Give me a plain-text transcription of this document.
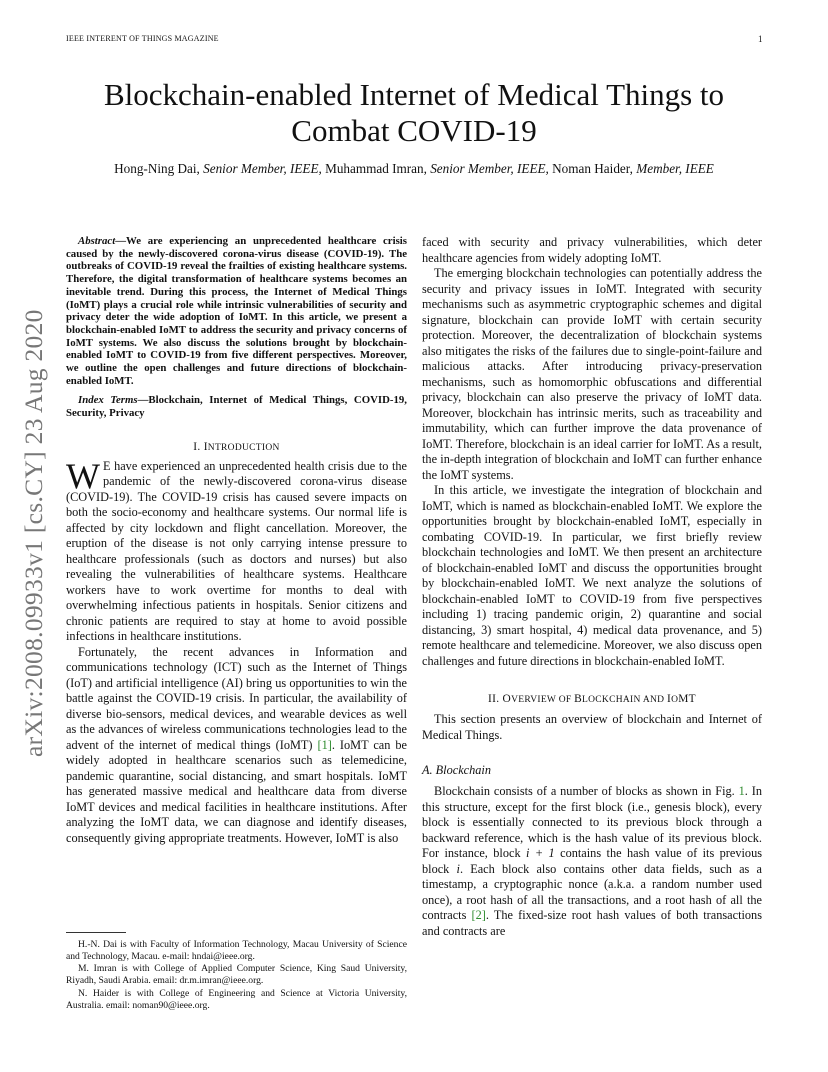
IEEE INTERENT OF THINGS MAGAZINE	1
arXiv:2008.09933v1 [cs.CY] 23 Aug 2020
Blockchain-enabled Internet of Medical Things to
Combat COVID-19
Hong-Ning Dai, Senior Member, IEEE, Muhammad Imran, Senior Member, IEEE, Noman Haider, Member, IEEE

Abstract—We are experiencing an unprecedented healthcare crisis caused by the newly-discovered corona-virus disease (COVID-19). The outbreaks of COVID-19 reveal the frailties of existing healthcare systems. Therefore, the digital transformation of healthcare systems becomes an inevitable trend. During this process, the Internet of Medical Things (IoMT) plays a crucial role while intrinsic vulnerabilities of security and privacy deter the wide adoption of IoMT. In this article, we present a blockchain-enabled IoMT to address the security and privacy concerns of IoMT systems. We also discuss the solutions brought by blockchain-enabled IoMT to COVID-19 from five different perspectives. Moreover, we outline the open challenges and future directions of blockchain-enabled IoMT.

Index Terms—Blockchain, Internet of Medical Things, COVID-19, Security, Privacy

I. INTRODUCTION

W E have experienced an unprecedented health crisis due to the pandemic of the newly-discovered corona-virus disease (COVID-19). The COVID-19 crisis has caused severe impacts on both the socio-economy and healthcare systems. Our normal life is affected by city lockdown and flight cancellation. Moreover, the eruption of the disease is not only carrying intense pressure to healthcare professionals (such as doctors and nurses) but also revealing the vulnerabilities of healthcare systems. Healthcare workers have to work overtime for months to deal with overwhelming infectious patients in hospitals. Senior citizens and chronic patients are required to stay at home to avoid possible infections in healthcare institutions.

Fortunately, the recent advances in Information and communications technology (ICT) such as the Internet of Things (IoT) and artificial intelligence (AI) bring us opportunities to win the battle against the COVID-19 crisis. In particular, the availability of diverse bio-sensors, medical devices, and wearable devices as well as the advances of wireless communications technologies lead to the advent of the internet of medical things (IoMT) [1]. IoMT can be widely adopted in healthcare scenarios such as telemedicine, pandemic quarantine, social distancing, and smart hospitals. IoMT has generated massive medical and healthcare data from diverse IoMT devices and medical facilities in healthcare institutions. After analyzing the IoMT data, we can diagnose and identify diseases, consequently giving appropriate treatments. However, IoMT is also

H.-N. Dai is with Faculty of Information Technology, Macau University of Science and Technology, Macau. e-mail: hndai@ieee.org.

M. Imran is with College of Applied Computer Science, King Saud University, Riyadh, Saudi Arabia. email: dr.m.imran@ieee.org.

N. Haider is with College of Engineering and Science at Victoria University, Australia. email: noman90@ieee.org.

faced with security and privacy vulnerabilities, which deter healthcare agencies from widely adopting IoMT.

The emerging blockchain technologies can potentially address the security and privacy issues in IoMT. Integrated with security mechanisms such as asymmetric cryptographic schemes and digital signature, blockchain can provide IoMT with certain security protection. Moreover, the decentralization of blockchain systems also mitigates the risks of the failures due to single-point-failure and malicious attacks. After introducing privacy-preservation mechanisms, such as homomorphic obfuscations and differential privacy, blockchain can also preserve the privacy of IoMT data. Moreover, blockchain has intrinsic merits, such as traceability and immutability, which can further improve the data provenance of IoMT. Therefore, blockchain is an ideal carrier for IoMT. As a result, the in-depth integration of blockchain and IoMT can further enhance the IoMT systems.

In this article, we investigate the integration of blockchain and IoMT, which is named as blockchain-enabled IoMT. We explore the opportunities brought by blockchain-enabled IoMT, especially in combating COVID-19. In particular, we first briefly review blockchain technologies and IoMT. We then present an architecture of blockchain-enabled IoMT and discuss the opportunities brought by blockchain-enabled IoMT. We next analyze the solutions of blockchain-enabled IoMT to COVID-19 from five perspectives including 1) tracing pandemic origin, 2) quarantine and social distancing, 3) smart hospital, 4) medical data provenance, and 5) remote healthcare and telemedicine. Moreover, we also discuss open challenges and future directions in blockchain-enabled IoMT.

II. OVERVIEW OF BLOCKCHAIN AND IOMT

This section presents an overview of blockchain and Internet of Medical Things.

A. Blockchain

Blockchain consists of a number of blocks as shown in Fig. 1. In this structure, except for the first block (i.e., genesis block), every block is essentially connected to its previous block through a backward reference, which is the hash value of its previous block. For instance, block i + 1 contains the hash value of its previous block i. Each block also contains other data fields, such as a timestamp, a cryptographic nonce (a.k.a. a random number used once), a root hash of all the transactions, and a root hash of all the contracts [2]. The fixed-size root hash values of both transactions and contracts are
